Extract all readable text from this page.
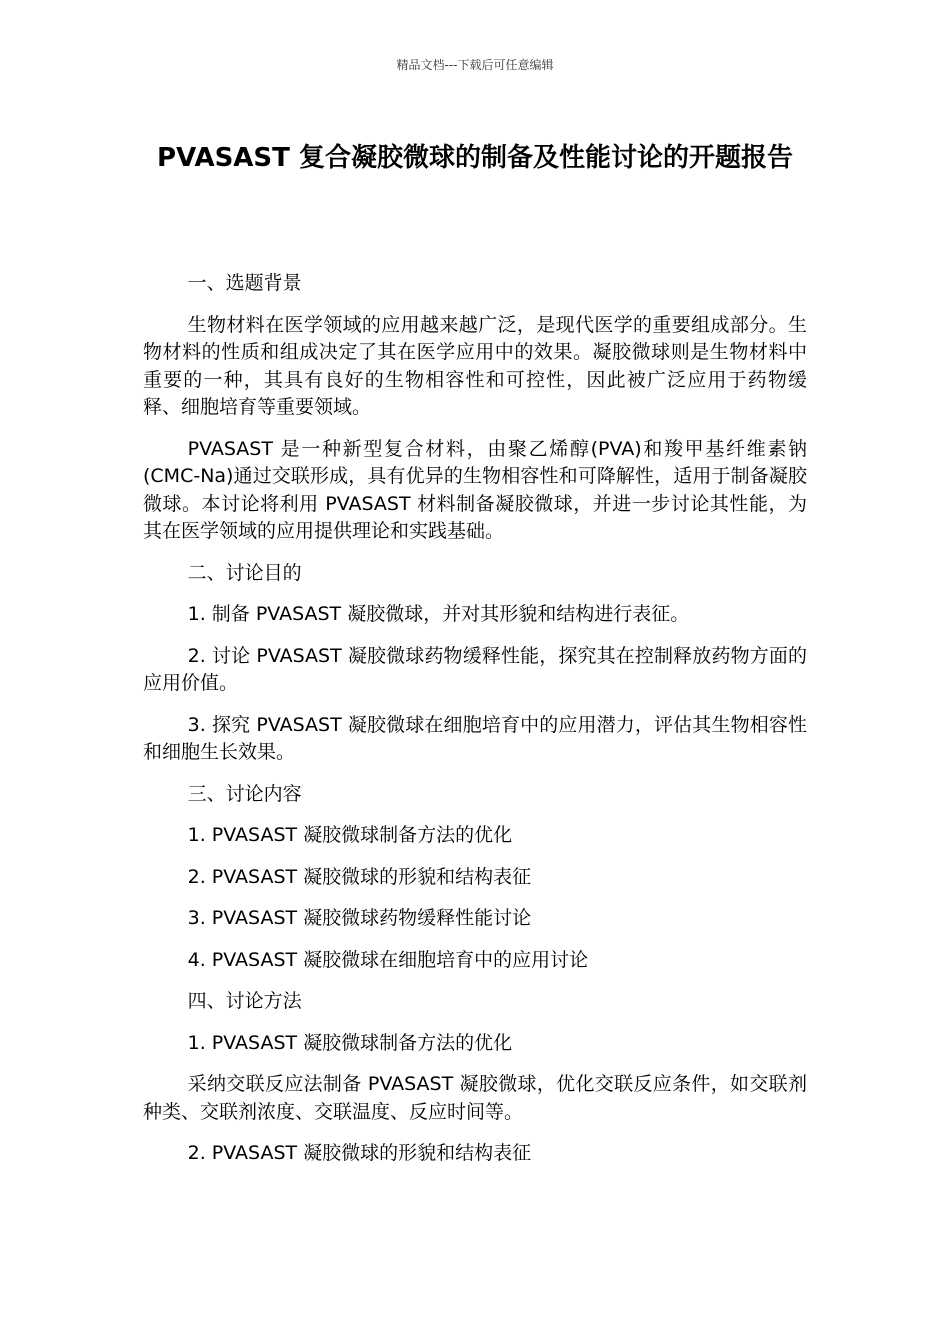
精品文档---下载后可任意编辑
PVASAST 复合凝胶微球的制备及性能讨论的开题报告

一、选题背景

生物材料在医学领域的应用越来越广泛，是现代医学的重要组成部分。生物材料的性质和组成决定了其在医学应用中的效果。凝胶微球则是生物材料中重要的一种，其具有良好的生物相容性和可控性，因此被广泛应用于药物缓释、细胞培育等重要领域。

PVASAST 是一种新型复合材料，由聚乙烯醇(PVA)和羧甲基纤维素钠(CMC-Na)通过交联形成，具有优异的生物相容性和可降解性，适用于制备凝胶微球。本讨论将利用 PVASAST 材料制备凝胶微球，并进一步讨论其性能，为其在医学领域的应用提供理论和实践基础。

二、讨论目的

1. 制备 PVASAST 凝胶微球，并对其形貌和结构进行表征。

2. 讨论 PVASAST 凝胶微球药物缓释性能，探究其在控制释放药物方面的应用价值。

3. 探究 PVASAST 凝胶微球在细胞培育中的应用潜力，评估其生物相容性和细胞生长效果。

三、讨论内容

1. PVASAST 凝胶微球制备方法的优化

2. PVASAST 凝胶微球的形貌和结构表征

3. PVASAST 凝胶微球药物缓释性能讨论

4. PVASAST 凝胶微球在细胞培育中的应用讨论

四、讨论方法

1. PVASAST 凝胶微球制备方法的优化

采纳交联反应法制备 PVASAST 凝胶微球，优化交联反应条件，如交联剂种类、交联剂浓度、交联温度、反应时间等。

2. PVASAST 凝胶微球的形貌和结构表征
